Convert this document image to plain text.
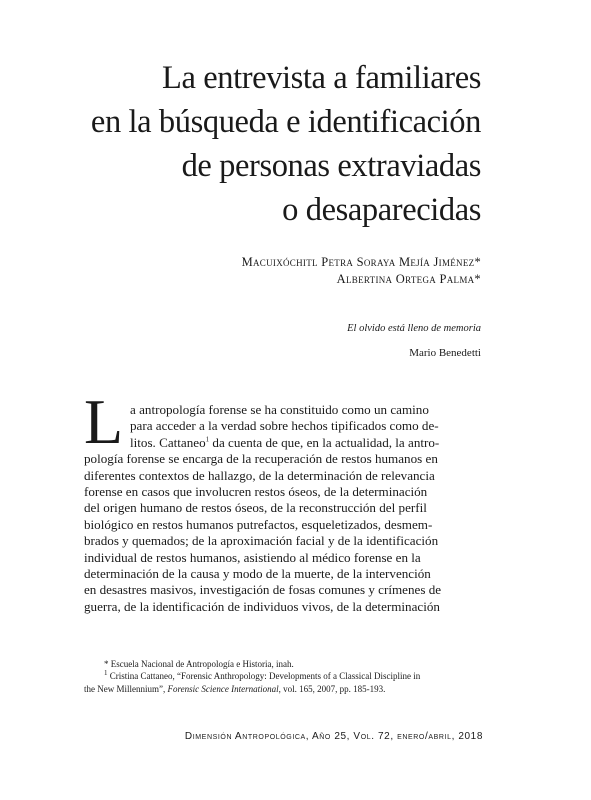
La entrevista a familiares
en la búsqueda e identificación
de personas extraviadas
o desaparecidas
Macuixóchitl Petra Soraya Mejía Jiménez*
Albertina Ortega Palma*
El olvido está lleno de memoria
Mario Benedetti
L a antropología forense se ha constituido como un camino
para acceder a la verdad sobre hechos tipificados como de-
litos. Cattaneo$^1$ da cuenta de que, en la actualidad, la antro-
pología forense se encarga de la recuperación de restos humanos en
diferentes contextos de hallazgo, de la determinación de relevancia
forense en casos que involucren restos óseos, de la determinación
del origen humano de restos óseos, de la reconstrucción del perfil
biológico en restos humanos putrefactos, esqueletizados, desmem-
brados y quemados; de la aproximación facial y de la identificación
individual de restos humanos, asistiendo al médico forense en la
determinación de la causa y modo de la muerte, de la intervención
en desastres masivos, investigación de fosas comunes y crímenes de
guerra, de la identificación de individuos vivos, de la determinación
* Escuela Nacional de Antropología e Historia, inah.
$^1$ Cristina Cattaneo, “Forensic Anthropology: Developments of a Classical Discipline in
the New Millennium”, Forensic Science International, vol. 165, 2007, pp. 185-193.
Dimensión Antropológica, Año 25, Vol. 72, enero/abril, 2018
